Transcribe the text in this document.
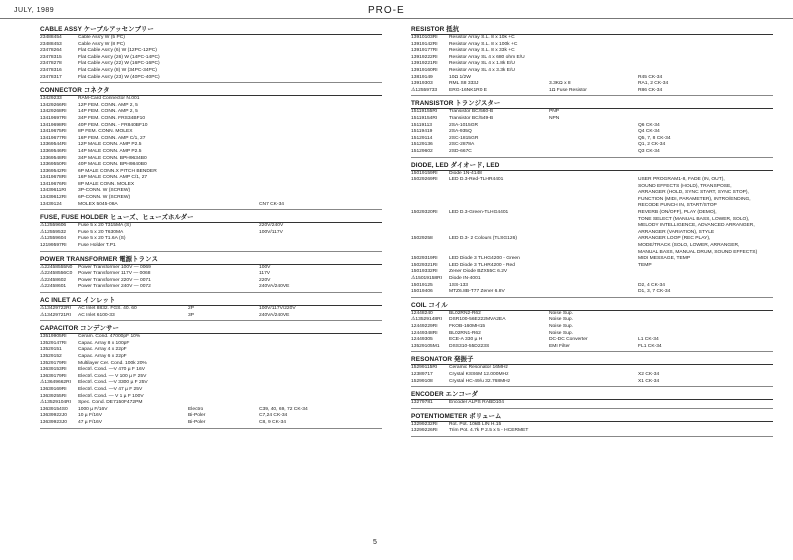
JULY, 1989	PRO-E
CABLE ASSY ケーブルアッセンブリー
23488454	Cable Ass'y W (5 PC)
23488453	Cable Ass'y W (8 PC)
23478264	Flat Cable Ass'y (6) W (12PC-12PC)
23478315	Flat Cable Ass'y (26) W (14PC-14PC)
23478278	Flat Cable Ass'y (22) W (16PC-16PC)
23478316	Flat Cable Ass'y (8) W (34PC-34PC)
23478317	Flat Cable Ass'y (23) W (40PC-40PC)
CONNECTOR コネクタ
13429233	RAM-Card Connector N.001
13429266RI 12P FEM. CONN. AMP 2, 5
13429268RI 14P FEM. CONN. AMP 2, 5
13419697RI 34P FEM. CONN. FRS34BF10
13419698RI 40P FEM. CONN. - FR840BF10
13419675RI 8P FEM. CONN. MOLEX
13419677RI 16P FEM. CONN. AMP C/1, 27
13369544RI 12P MALE CONN. AMP P2.5
13369546RI 14P MALE CONN. AMP P2.5
13369548RI 34P MALE CONN. BPH9634B0
13369550RI 40P MALE CONN. BPH9840B0
13369542RI 6P MALE CONN.X PITCH BENDER
13419678RI 16P MALE CONN. AMP C/1, 27
13419676RI 8P MALE CONN. MOLEX
13439611RI 3P-CONN. W (SCREW)
13439612RI 6P-CONN. W (SCREW)
13439124	MOLEX 5045-08A	CN7 CK-34
FUSE, FUSE HOLDER ヒューズ、ヒューズホルダー
⚠12559606 Fuse 5 x 20 T315MA (S)	220V/240V
⚠12559532 Fuse 5 x 20 T630MA	100V/117V
⚠12559604 Fuse 5 x 20 T1.6A (S)
12199597RI Fuse Holder T.P1
POWER TRANSFORMER 電源トランス
⚠22458555N0 Power Transformer 100V — 0069	100V
⚠22458556C0 Power Transformer 117V — 0068	117V
⚠22458602 Power Transformer 220V — 0071	220V
⚠22458601 Power Transformer 240V — 0072	240VA/240VE
AC INLET AC インレット
⚠13429722RI AC Inlet 8832. FGS. 40. 60	2P	100V/117V/220V
⚠13429721RI AC Inlet 6100-33	3P	240VA/240VE
CAPACITOR コンデンサー
13519905RI Ceram. Cond. 47000pF 10%
13529147RI Capac. Array 8 x 100pF
13529151	Capac. Array 4 x 22pF
13529152	Capac. Array 6 x 22pF
13529179RI Multilayer Cer. Cond. 100k 20%
13639153RI Electrl. Cond. —V 470 µ F 16V
13639179RI Electrl. Cond. — V 100 µ F 25V
⚠13649662RI Electrl. Cond. —V 3300 µ F 25V
13639169RI Electrl. Cond. —V 47 µ F 25V
13639255RI Electrl. Cond. — V 1 µ F 100V
⚠13529104RI Spec. Cond. DE7150F472PM
13639154S0 1000 µ F/16V	Electro	C39, 40, 69, 72 CK-34
13639922J0 10 µ F/16V	Bi-Poler	C7,24 CK-34
13639923J0 47 µ F/16V	Bi-Poler	C8, 9 CK-34
RESISTOR 抵抗
13910103RI Resistor Array S.L. 8 x 10k +C
13919142RI Resistor Array S.L. 8 x 100k +C
13919177RI Resistor Array S.L. 8 x 33k +C
13919222RI Resistor Array SL 4 x 680 ohm E/U
13919221RI Resistor Array SL 4 x 1.8k E/U
13919160RI Resistor Array SL 4 x 3.3k E/U
13819149	10Ω 1/2W	R45 CK-34
13919303	RML S8 333J	3.3KΩ x 8	RA1, 2 CK-34
⚠12559733 ERG-16NK1R0 E	1Ω Fuse Resistor	R86 CK-34
TRANSISTOR トランジスター
15119155RI Transistor BC/560-B	PNP
15119154RI Transistor BC/549-B	NPN
15119113	2SA-1015GR	Q6 CK-34
15119419	2SA-935Q	Q4 CK-34
15129114	2SC-1815GR	Q5, 7, 8 CK-34
15129136	2SC-2878A	Q1, 2 CK-34
15129602	2SD-667C	Q3 CK-34
DIODE, LED ダイオード, LED
15019159RI Diode 1N-4148
15029269RI LED D.3-Red-TLHR4401	USER PROGRAM1-8, FADE (IN, OUT),
SOUND EFFECTS (HOLD), TRANSPOSE,
ARRANGER (HOLD, SYNC START, SYNC STOP),
FUNCTION (MIDI, PARAMETER), INTRO/ENDING,
RECODE PUNCH IN, START/STOP
15029320RI LED D.3-Green-TLHG4401	REVERB (ON/OFF), PLAY (DEMO),
TONE SELECT (MANUAL BASS, LOWER, SOLO),
MELODY INTELLIGENCE, ADVANCED ARRANGER,
ARRANGER (VARIATION), STYLE
15029258	LED D.3- 2 Colours (TLSG126)	ARRANGER LOOP (REC PLAY),
MODE/TRACK (SOLO, LOWER, ARRANGER,
MANUAL BASS, MANUAL DRUM, SOUND EFFECTS)
15029319RI LED Diode 3 TLHG4200 - Green	MIDI MESSAGE, TEMP
15029321RI LED Diode 3 TLHR4200 - Red	TEMP
15019332RI Zener Diode BZX55C 6.2V
⚠15019158RI Diode IN-4001
15019125	1SS-133	D2, 4 CK-34
15019406	MTZ6.8B-T77 Zener 6.8V	D1, 3, 7 CK-34
COIL コイル
12448240	BL02RN2-R62	Noise Sup.
⚠13529148RI DSR100-56E222MVA2EA	Noise Sup.
12449229RI FKOB-160MH15	Noise Sup.
12449348RI BL02RN1-R62	Noise Sup.
12449305	ECE-A 330 µ H	DC-DC Converter	L1 CK-34
13529105M1 DSS310-55D223S	EMI Filter	FL1 CK-34
RESONATOR 発振子
15299115RI Ceramic Resonator 16MHz
12389717	Crystal KSS6M 12.000MHz	X2 CK-34
15299108	Crystal HC-49/u 32.768MHz	X1 CK-34
ENCODER エンコーダ
13279781	Encoder ALPS RABD104
POTENTIOMETER ボリューム
13299232RI Rot. Pot. 10kB LIN H.15
13299226RI Trim Pot. 4.7k P 2.5 x 5 - HCERMET
5
